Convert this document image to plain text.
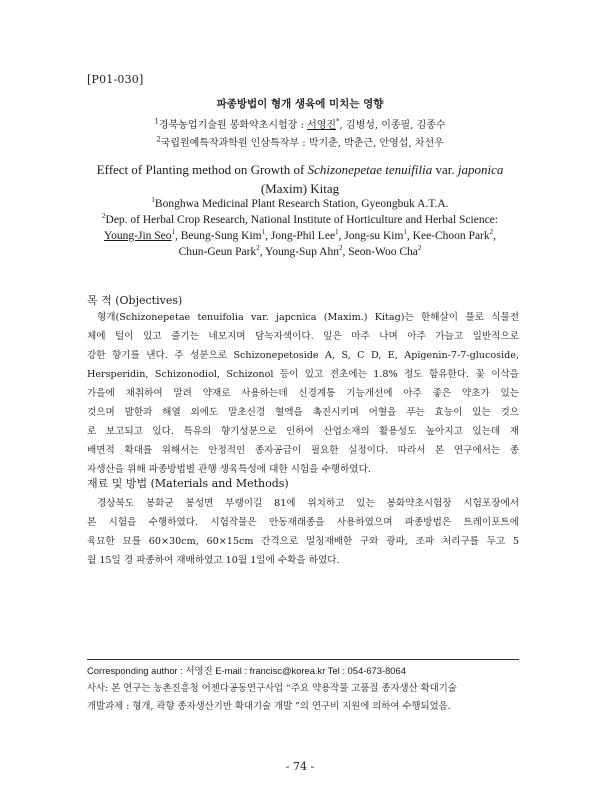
[P01-030]
파종방법이 형개 생육에 미치는 영향
$^1$경북농업기술원 봉화약초시험장 : 서영진*, 김병성, 이종필, 김종수
$^2$국립원예특작과학원 인삼특작부 : 박기춘, 박춘근, 안영섭, 차선우
Effect of Planting method on Growth of Schizonepetae tenuifilia var. japonica
(Maxim) Kitag
$^1$Bonghwa Medicinal Plant Research Station, Gyeongbuk A.T.A.
$^2$Dep. of Herbal Crop Research, National Institute of Horticulture and Herbal Science:
Young-Jin Seo$^1$, Beung-Sung Kim$^1$, Jong-Phil Lee$^1$, Jong-su Kim$^1$, Kee-Choon Park$^2$,
Chun-Geun Park$^2$, Young-Sup Ahn$^2$, Seon-Woo Cha$^2$
목 적 (Objectives)
형개(Schizonepetae tenuifolia var. japcnica (Maxim.) Kitag)는 한해살이 풀로 식물전
체에 털이 있고 줄기는 네모지며 담녹자색이다. 잎은 마주 나며 아주 가늘고 일반적으로
강한 향기를 낸다. 주 성분으로 Schizonepetoside A, S, C D, E, Apigenin-7-7-glucoside,
Hersperidin, Schizonodiol, Schizonol 등이 있고 전초에는 1.8% 정도 함유한다. 꽃 이삭을
가을에 채취하여 말려 약재로 사용하는데 신경계통 기능개선에 아주 좋은 약초가 있는
것으며 발한과 해열 외에도 말초신경 혈액을 촉진시키며 어혈을 푸는 효능이 있는 것으
로 보고되고 있다. 특유의 향기성분으로 인하여 산업소재의 활용성도 높아지고 있는데 재
배면적 확대를 위해서는 안정적인 종자공급이 필요한 실정이다. 따라서 본 연구에서는 종
자생산을 위해 파종방법별 관행 생육특성에 대한 시험을 수행하였다.
재료 및 방법 (Materials and Methods)
경상북도 봉화군 봉성면 부랭이길 81에 위치하고 있는 봉화약초시험장 시험포장에서
본 시험을 수행하였다. 시험작물은 안동재래종을 사용하였으며 파종방법은 트레이포트에
육묘한 묘를 60×30cm, 60×15cm 간격으로 멀칭재배한 구와 광파, 조파 처리구를 두고 5
월 15일 경 파종하여 재배하였고 10월 1일에 수확을 하였다.
Corresponding author : 서영진 E-mail : francisc@korea.kr Tel : 054-673-8064
사사: 본 연구는 농촌진흥청 어젠다공동연구사업 “주요 약용작물 고품질 종자생산 확대기술
개발과제 : 형개, 곽향 종자생산기반 확대기술 개발 ”의 연구비 지원에 의하여 수행되었음.
- 74 -
